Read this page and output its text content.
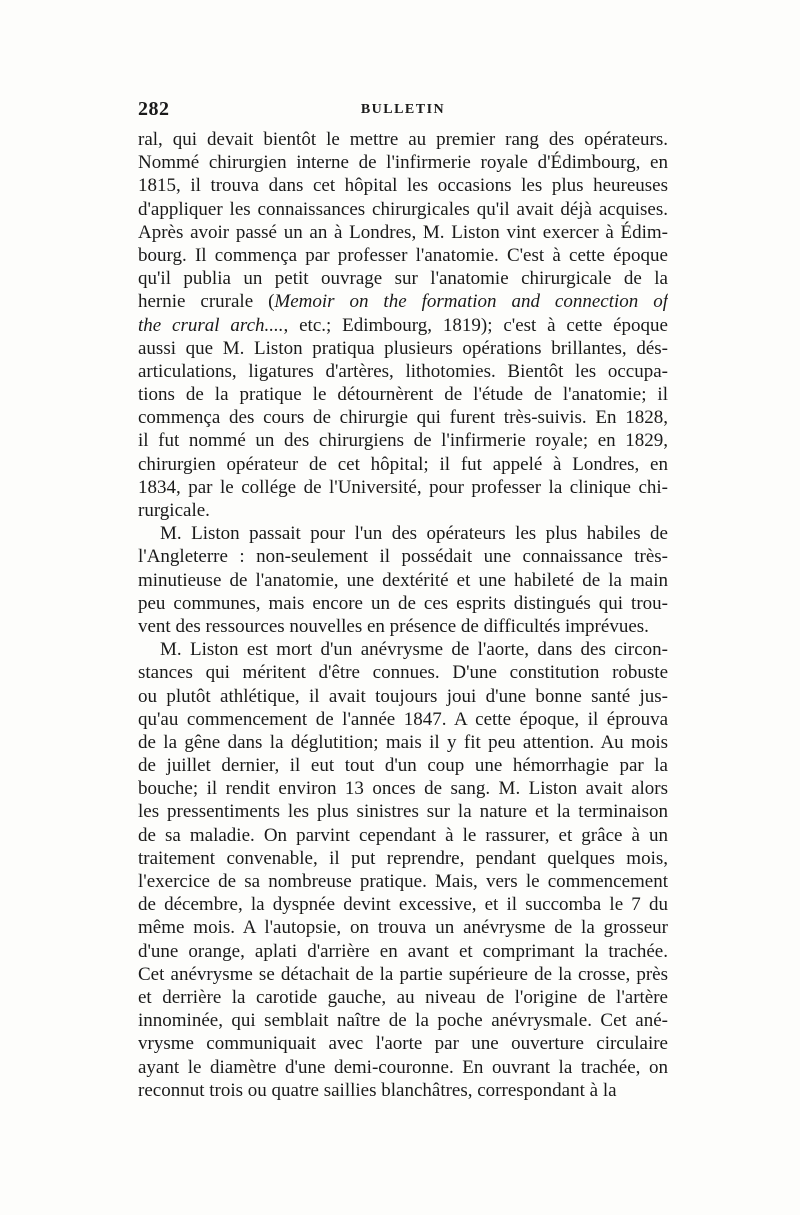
282	BULLETIN
ral, qui devait bientôt le mettre au premier rang des opérateurs.
Nommé chirurgien interne de l'infirmerie royale d'Édimbourg, en
1815, il trouva dans cet hôpital les occasions les plus heureuses
d'appliquer les connaissances chirurgicales qu'il avait déjà acquises.
Après avoir passé un an à Londres, M. Liston vint exercer à Édim-
bourg. Il commença par professer l'anatomie. C'est à cette époque
qu'il publia un petit ouvrage sur l'anatomie chirurgicale de la
hernie crurale (Memoir on the formation and connection of
the crural arch...., etc.; Edimbourg, 1819); c'est à cette époque
aussi que M. Liston pratiqua plusieurs opérations brillantes, dés-
articulations, ligatures d'artères, lithotomies. Bientôt les occupa-
tions de la pratique le détournèrent de l'étude de l'anatomie; il
commença des cours de chirurgie qui furent très-suivis. En 1828,
il fut nommé un des chirurgiens de l'infirmerie royale; en 1829,
chirurgien opérateur de cet hôpital; il fut appelé à Londres, en
1834, par le collége de l'Université, pour professer la clinique chi-
rurgicale.
M. Liston passait pour l'un des opérateurs les plus habiles de
l'Angleterre : non-seulement il possédait une connaissance très-
minutieuse de l'anatomie, une dextérité et une habileté de la main
peu communes, mais encore un de ces esprits distingués qui trou-
vent des ressources nouvelles en présence de difficultés imprévues.
M. Liston est mort d'un anévrysme de l'aorte, dans des circon-
stances qui méritent d'être connues. D'une constitution robuste
ou plutôt athlétique, il avait toujours joui d'une bonne santé jus-
qu'au commencement de l'année 1847. A cette époque, il éprouva
de la gêne dans la déglutition; mais il y fit peu attention. Au mois
de juillet dernier, il eut tout d'un coup une hémorrhagie par la
bouche; il rendit environ 13 onces de sang. M. Liston avait alors
les pressentiments les plus sinistres sur la nature et la terminaison
de sa maladie. On parvint cependant à le rassurer, et grâce à un
traitement convenable, il put reprendre, pendant quelques mois,
l'exercice de sa nombreuse pratique. Mais, vers le commencement
de décembre, la dyspnée devint excessive, et il succomba le 7 du
même mois. A l'autopsie, on trouva un anévrysme de la grosseur
d'une orange, aplati d'arrière en avant et comprimant la trachée.
Cet anévrysme se détachait de la partie supérieure de la crosse, près
et derrière la carotide gauche, au niveau de l'origine de l'artère
innominée, qui semblait naître de la poche anévrysmale. Cet ané-
vrysme communiquait avec l'aorte par une ouverture circulaire
ayant le diamètre d'une demi-couronne. En ouvrant la trachée, on
reconnut trois ou quatre saillies blanchâtres, correspondant à la
